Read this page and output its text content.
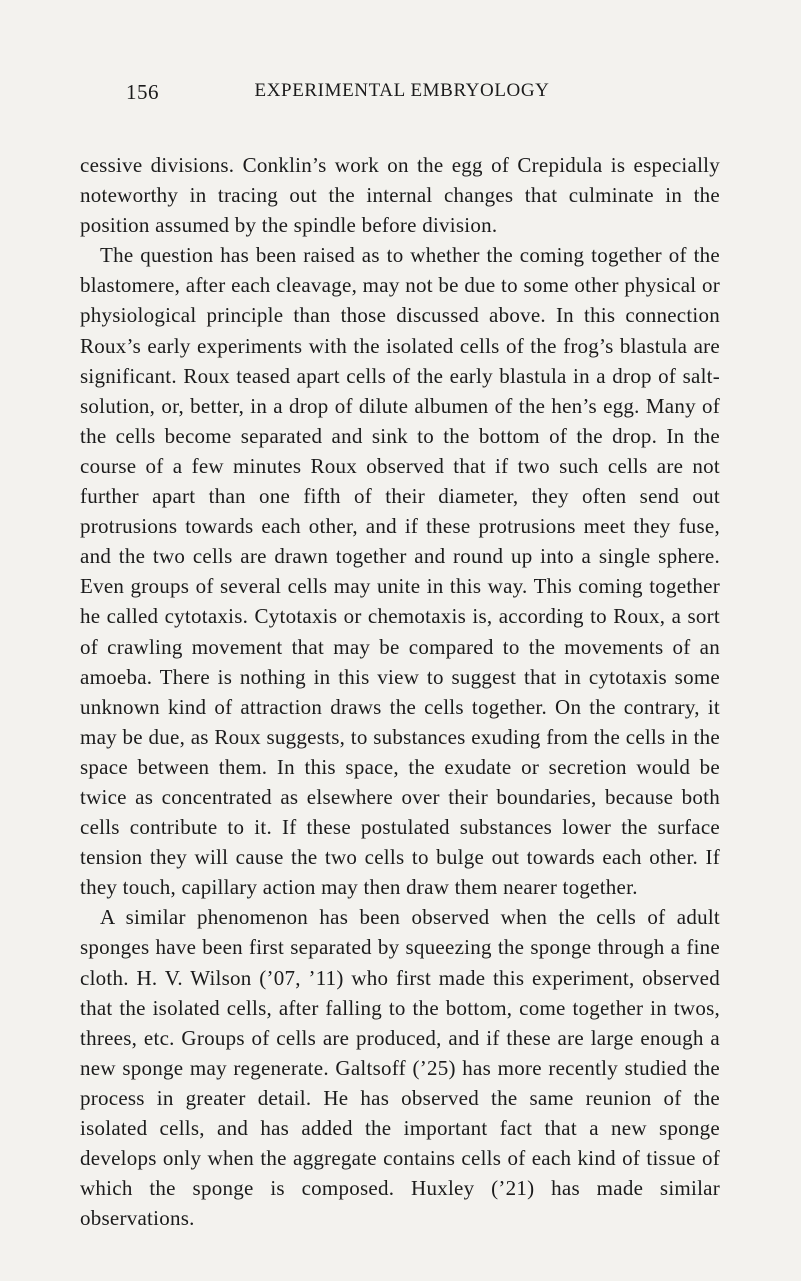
156	EXPERIMENTAL EMBRYOLOGY

cessive divisions. Conklin’s work on the egg of Crepidula is especially noteworthy in tracing out the internal changes that culminate in the position assumed by the spindle before division.

The question has been raised as to whether the coming together of the blastomere, after each cleavage, may not be due to some other physical or physiological principle than those discussed above. In this connection Roux’s early experiments with the isolated cells of the frog’s blastula are significant. Roux teased apart cells of the early blastula in a drop of salt-solution, or, better, in a drop of dilute albumen of the hen’s egg. Many of the cells become separated and sink to the bottom of the drop. In the course of a few minutes Roux observed that if two such cells are not further apart than one fifth of their diameter, they often send out protrusions towards each other, and if these protrusions meet they fuse, and the two cells are drawn together and round up into a single sphere. Even groups of several cells may unite in this way. This coming together he called cytotaxis. Cytotaxis or chemotaxis is, according to Roux, a sort of crawling movement that may be compared to the movements of an amoeba. There is nothing in this view to suggest that in cytotaxis some unknown kind of attraction draws the cells together. On the contrary, it may be due, as Roux suggests, to substances exuding from the cells in the space between them. In this space, the exudate or secretion would be twice as concentrated as elsewhere over their boundaries, because both cells contribute to it. If these postulated substances lower the surface tension they will cause the two cells to bulge out towards each other. If they touch, capillary action may then draw them nearer together.

A similar phenomenon has been observed when the cells of adult sponges have been first separated by squeezing the sponge through a fine cloth. H. V. Wilson (’07, ’11) who first made this experiment, observed that the isolated cells, after falling to the bottom, come together in twos, threes, etc. Groups of cells are produced, and if these are large enough a new sponge may regenerate. Galtsoff (’25) has more recently studied the process in greater detail. He has observed the same reunion of the isolated cells, and has added the important fact that a new sponge develops only when the aggregate contains cells of each kind of tissue of which the sponge is composed. Huxley (’21) has made similar observations.
